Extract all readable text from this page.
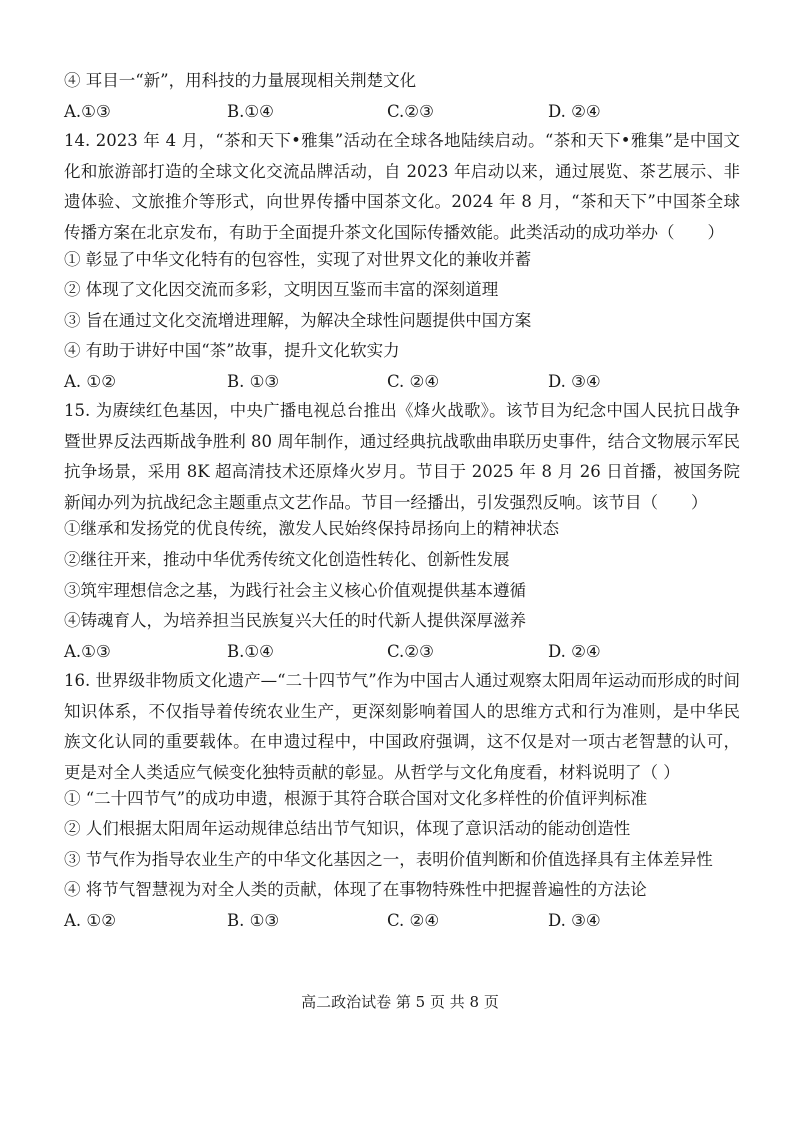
④ 耳目一“新”，用科技的力量展现相关荆楚文化
A.①③	B.①④	C.②③	D. ②④
14. 2023 年 4 月，“茶和天下•雅集”活动在全球各地陆续启动。“茶和天下•雅集”是中国文化和旅游部打造的全球文化交流品牌活动，自 2023 年启动以来，通过展览、茶艺展示、非遗体验、文旅推介等形式，向世界传播中国茶文化。2024 年 8 月，“茶和天下”中国茶全球传播方案在北京发布，有助于全面提升茶文化国际传播效能。此类活动的成功举办（　　）
① 彰显了中华文化特有的包容性，实现了对世界文化的兼收并蓄
② 体现了文化因交流而多彩，文明因互鉴而丰富的深刻道理
③ 旨在通过文化交流增进理解，为解决全球性问题提供中国方案
④ 有助于讲好中国“茶”故事，提升文化软实力
A. ①②	B. ①③	C. ②④	D. ③④
15. 为赓续红色基因，中央广播电视总台推出《烽火战歌》。该节目为纪念中国人民抗日战争暨世界反法西斯战争胜利 80 周年制作，通过经典抗战歌曲串联历史事件，结合文物展示军民抗争场景，采用 8K 超高清技术还原烽火岁月。节目于 2025 年 8 月 26 日首播，被国务院新闻办列为抗战纪念主题重点文艺作品。节目一经播出，引发强烈反响。该节目（　　）
①继承和发扬党的优良传统，激发人民始终保持昂扬向上的精神状态
②继往开来，推动中华优秀传统文化创造性转化、创新性发展
③筑牢理想信念之基，为践行社会主义核心价值观提供基本遵循
④铸魂育人，为培养担当民族复兴大任的时代新人提供深厚滋养
A.①③	B.①④	C.②③	D. ②④
16. 世界级非物质文化遗产—“二十四节气”作为中国古人通过观察太阳周年运动而形成的时间知识体系，不仅指导着传统农业生产，更深刻影响着国人的思维方式和行为准则，是中华民族文化认同的重要载体。在申遗过程中，中国政府强调，这不仅是对一项古老智慧的认可，更是对全人类适应气候变化独特贡献的彰显。从哲学与文化角度看，材料说明了（ ）
① “二十四节气”的成功申遗，根源于其符合联合国对文化多样性的价值评判标准
② 人们根据太阳周年运动规律总结出节气知识，体现了意识活动的能动创造性
③ 节气作为指导农业生产的中华文化基因之一，表明价值判断和价值选择具有主体差异性
④ 将节气智慧视为对全人类的贡献，体现了在事物特殊性中把握普遍性的方法论
A. ①②	B. ①③	C. ②④	D. ③④
高二政治试卷 第 5 页 共 8 页
